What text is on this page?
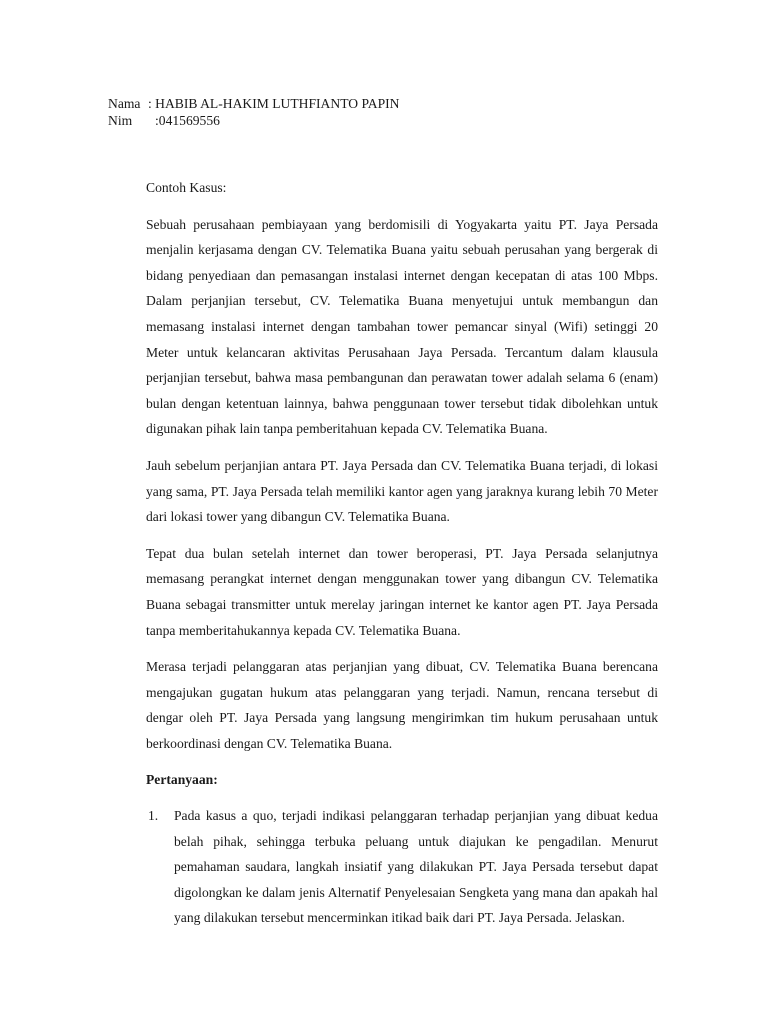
Nama : HABIB AL-HAKIM LUTHFIANTO PAPIN
Nim	:041569556

Contoh Kasus:

Sebuah perusahaan pembiayaan yang berdomisili di Yogyakarta yaitu PT. Jaya Persada menjalin kerjasama dengan CV. Telematika Buana yaitu sebuah perusahan yang bergerak di bidang penyediaan dan pemasangan instalasi internet dengan kecepatan di atas 100 Mbps. Dalam perjanjian tersebut, CV. Telematika Buana menyetujui untuk membangun dan memasang instalasi internet dengan tambahan tower pemancar sinyal (Wifi) setinggi 20 Meter untuk kelancaran aktivitas Perusahaan Jaya Persada. Tercantum dalam klausula perjanjian tersebut, bahwa masa pembangunan dan perawatan tower adalah selama 6 (enam) bulan dengan ketentuan lainnya, bahwa penggunaan tower tersebut tidak dibolehkan untuk digunakan pihak lain tanpa pemberitahuan kepada CV. Telematika Buana.

Jauh sebelum perjanjian antara PT. Jaya Persada dan CV. Telematika Buana terjadi, di lokasi yang sama, PT. Jaya Persada telah memiliki kantor agen yang jaraknya kurang lebih 70 Meter dari lokasi tower yang dibangun CV. Telematika Buana.

Tepat dua bulan setelah internet dan tower beroperasi, PT. Jaya Persada selanjutnya memasang perangkat internet dengan menggunakan tower yang dibangun CV. Telematika Buana sebagai transmitter untuk merelay jaringan internet ke kantor agen PT. Jaya Persada tanpa memberitahukannya kepada CV. Telematika Buana.

Merasa terjadi pelanggaran atas perjanjian yang dibuat, CV. Telematika Buana berencana mengajukan gugatan hukum atas pelanggaran yang terjadi. Namun, rencana tersebut di dengar oleh PT. Jaya Persada yang langsung mengirimkan tim hukum perusahaan untuk berkoordinasi dengan CV. Telematika Buana.

Pertanyaan:

1.	Pada kasus a quo, terjadi indikasi pelanggaran terhadap perjanjian yang dibuat kedua belah pihak, sehingga terbuka peluang untuk diajukan ke pengadilan. Menurut pemahaman saudara, langkah insiatif yang dilakukan PT. Jaya Persada tersebut dapat digolongkan ke dalam jenis Alternatif Penyelesaian Sengketa yang mana dan apakah hal yang dilakukan tersebut mencerminkan itikad baik dari PT. Jaya Persada. Jelaskan.
